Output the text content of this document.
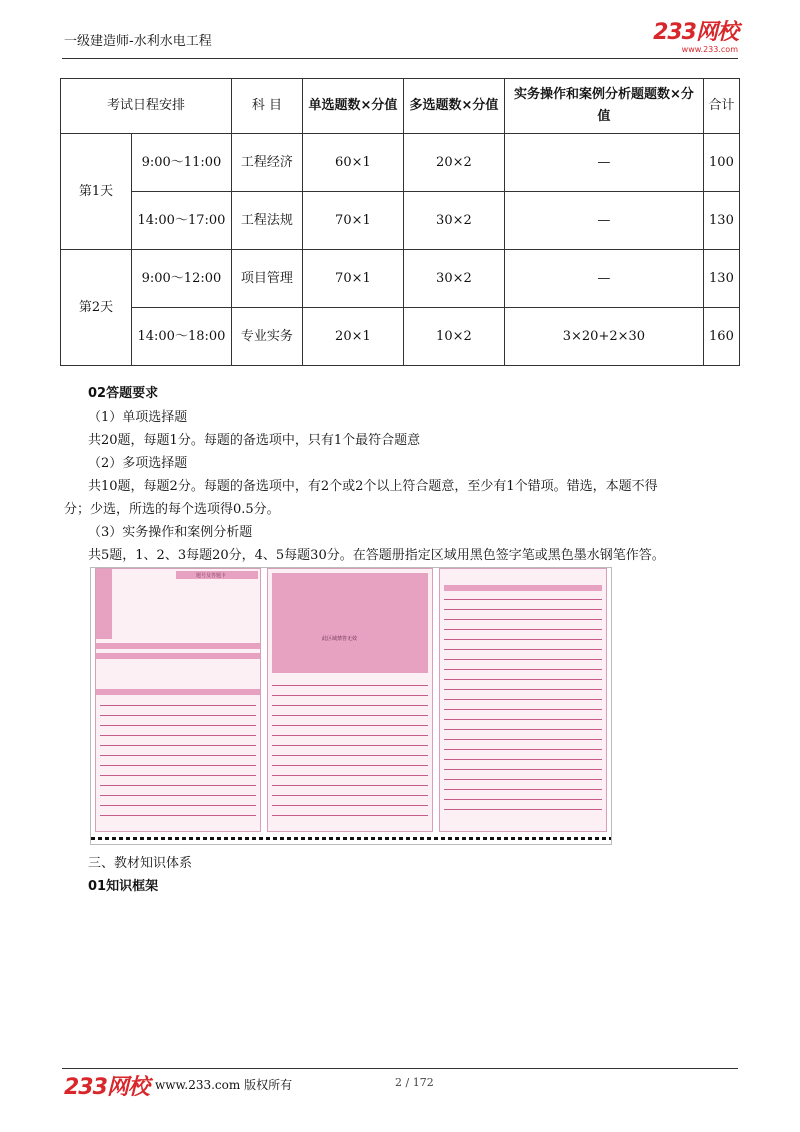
一级建造师-水利水电工程	233网校
www.233.com
考试日程安排		科 目	单选题数×分值	多选题数×分值	实务操作和案例分析题题数×分值	合计
第1天	9:00～11:00	工程经济	60×1	20×2	—	100
	14:00～17:00	工程法规	70×1	30×2	—	130
第2天	9:00～12:00	项目管理	70×1	30×2	—	130
	14:00～18:00	专业实务	20×1	10×2	3×20+2×30	160
02答题要求
（1）单项选择题
共20题，每题1分。每题的备选项中，只有1个最符合题意
（2）多项选择题
共10题，每题2分。每题的备选项中，有2个或2个以上符合题意，至少有1个错项。错选，本题不得
分；少选，所选的每个选项得0.5分。
（3）实务操作和案例分析题
共5题，1、2、3每题20分，4、5每题30分。在答题册指定区域用黑色签字笔或黑色墨水钢笔作答。
题号及答题卡
此区域禁答无效
三、教材知识体系
01知识框架
233网校 www.233.com 版权所有	2 / 172
